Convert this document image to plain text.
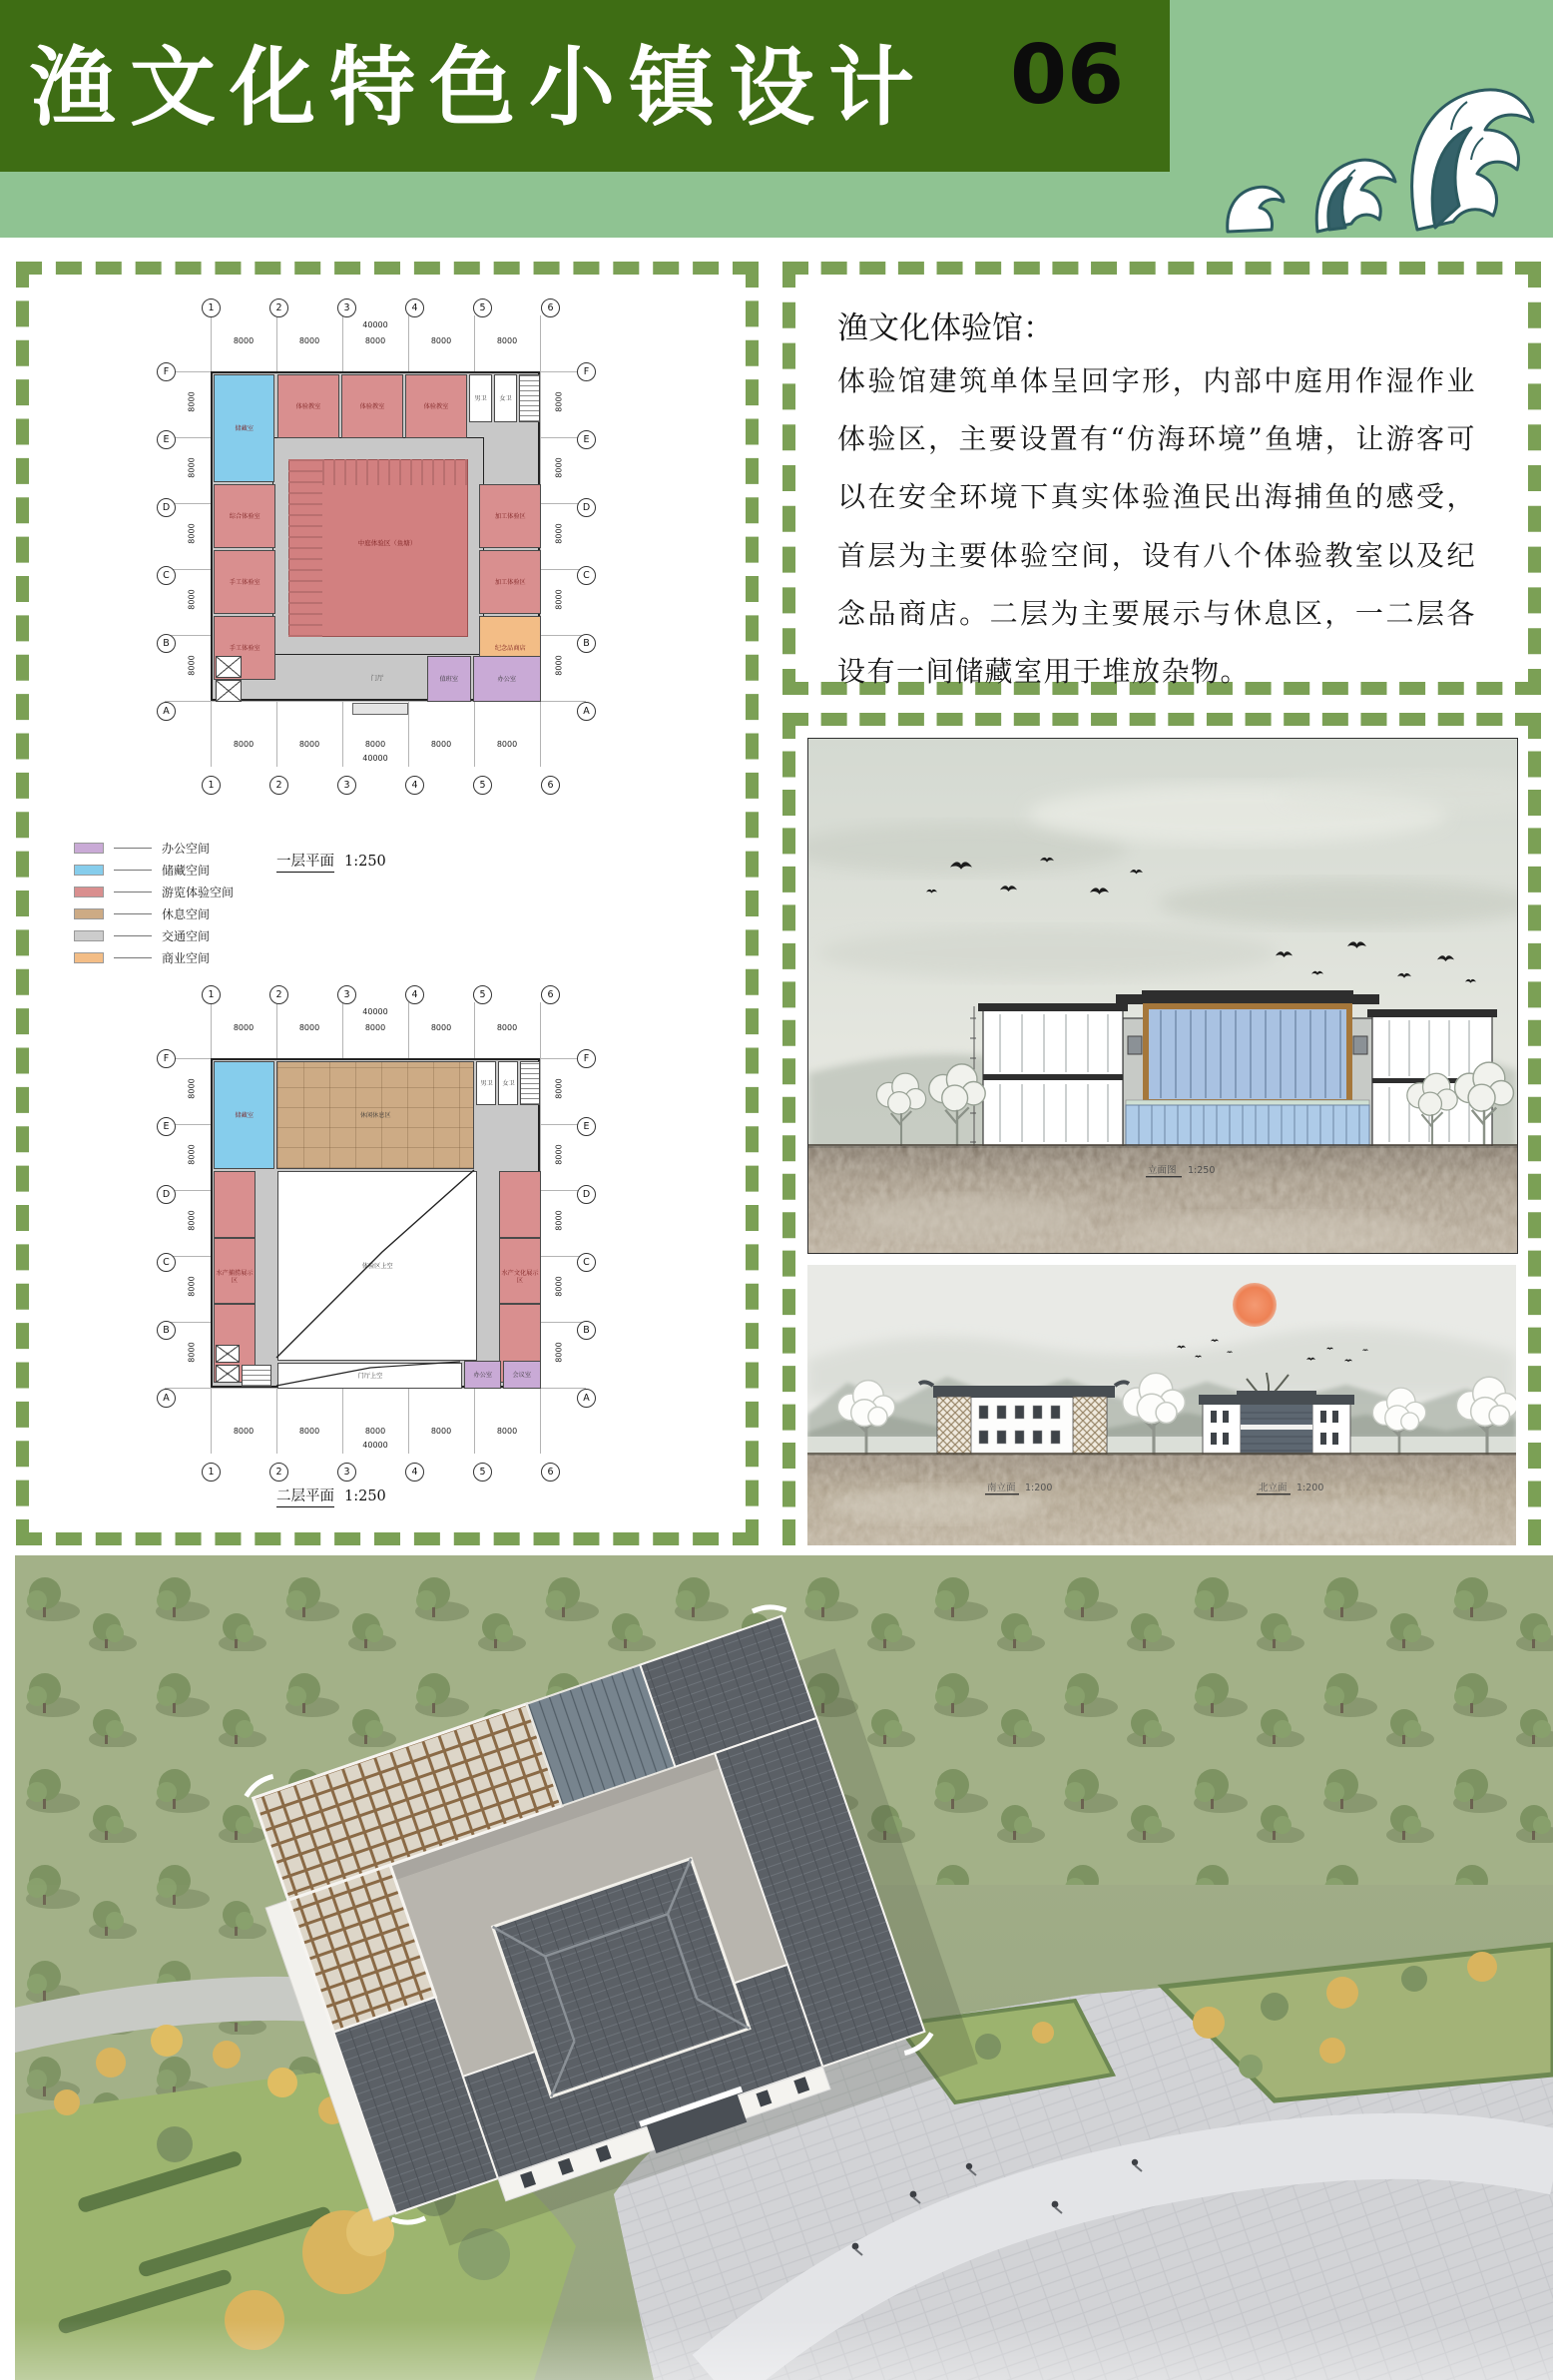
渔文化特色小镇设计 06
40000
8000	8000	8000	8000	8000
8000	8000	8000	8000	8000
40000
8000
8000
8000
8000
8000
8000
8000
8000
8000
8000
1	2	3	4	5	6
1	2	3	4	5	6
F
E
D
C
B
A
F
E
D
C
B
A
中庭体验区（鱼塘）
储藏室
体验教室	体验教室	体验教室
男卫 女卫
综合体验室
手工体验室
手工体验室
加工体验区
加工体验区
纪念品商店
值班室	办公室
门厅
办公空间
储藏空间
游览体验空间
休息空间
交通空间
商业空间
一层平面 1:250
40000
8000	8000	8000	8000	8000
8000	8000	8000	8000	8000
40000
8000
8000
8000
8000
8000
8000
8000
8000
8000
8000
1	2	3	4	5	6
1	2	3	4	5	6
F
E
D
C
B
A
F
E
D
C
B
A
储藏室	休闲休息区
男卫 女卫
水产捕捞展示区
水产文化展示区
体验区上空
门厅上空	办公室	会议室
二层平面 1:250
渔文化体验馆：
体验馆建筑单体呈回字形，内部中庭用作湿作业体验区，主要设置有“仿海环境”鱼塘，让游客可以在安全环境下真实体验渔民出海捕鱼的感受，首层为主要体验空间，设有八个体验教室以及纪念品商店。二层为主要展示与休息区，一二层各设有一间储藏室用于堆放杂物。
立面图 1:250
南立面 1:200	北立面 1:200
